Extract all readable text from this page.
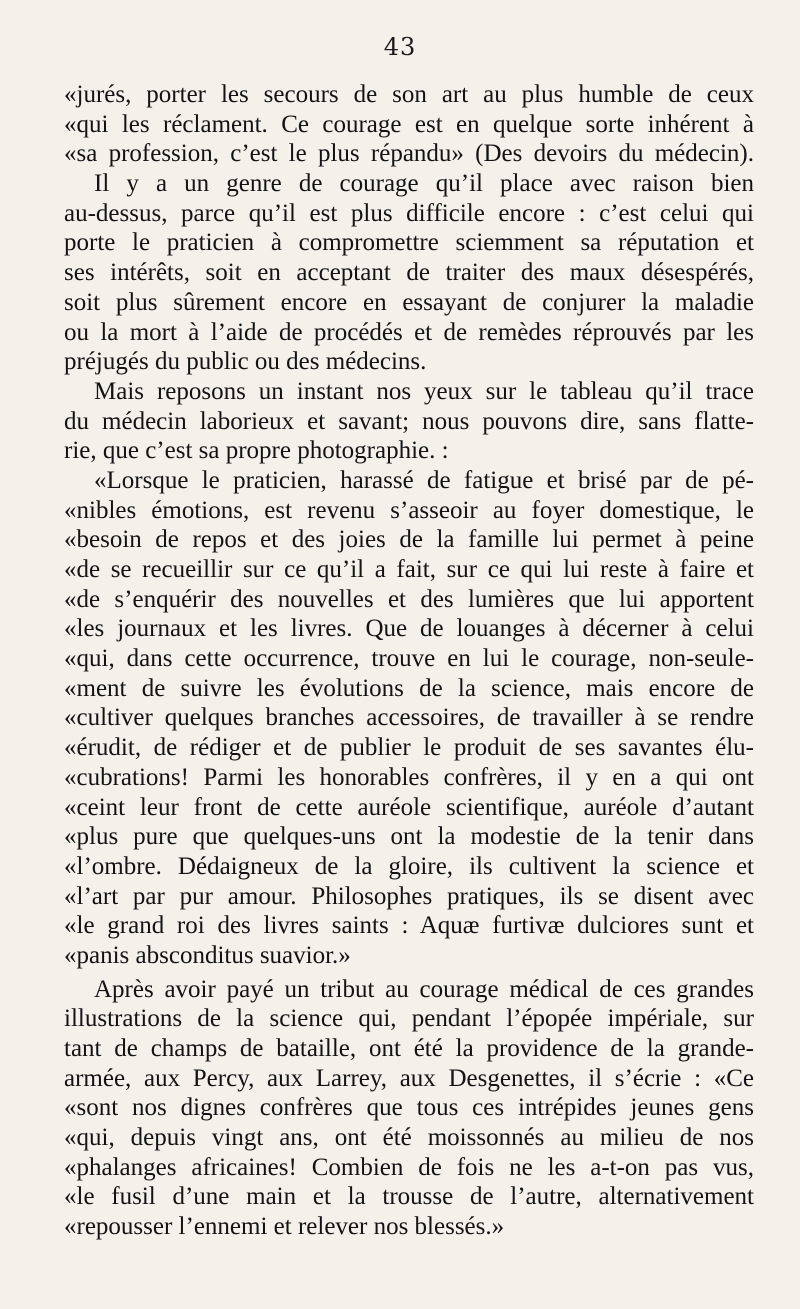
43
«jurés, porter les secours de son art au plus humble de ceux
«qui les réclament. Ce courage est en quelque sorte inhérent à
«sa profession, c’est le plus répandu» (Des devoirs du médecin).
Il y a un genre de courage qu’il place avec raison bien
au-dessus, parce qu’il est plus difficile encore : c’est celui qui
porte le praticien à compromettre sciemment sa réputation et
ses intérêts, soit en acceptant de traiter des maux désespérés,
soit plus sûrement encore en essayant de conjurer la maladie
ou la mort à l’aide de procédés et de remèdes réprouvés par les
préjugés du public ou des médecins.
Mais reposons un instant nos yeux sur le tableau qu’il trace
du médecin laborieux et savant; nous pouvons dire, sans flatte-
rie, que c’est sa propre photographie. :
«Lorsque le praticien, harassé de fatigue et brisé par de pé-
«nibles émotions, est revenu s’asseoir au foyer domestique, le
«besoin de repos et des joies de la famille lui permet à peine
«de se recueillir sur ce qu’il a fait, sur ce qui lui reste à faire et
«de s’enquérir des nouvelles et des lumières que lui apportent
«les journaux et les livres. Que de louanges à décerner à celui
«qui, dans cette occurrence, trouve en lui le courage, non-seule-
«ment de suivre les évolutions de la science, mais encore de
«cultiver quelques branches accessoires, de travailler à se rendre
«érudit, de rédiger et de publier le produit de ses savantes élu-
«cubrations! Parmi les honorables confrères, il y en a qui ont
«ceint leur front de cette auréole scientifique, auréole d’autant
«plus pure que quelques-uns ont la modestie de la tenir dans
«l’ombre. Dédaigneux de la gloire, ils cultivent la science et
«l’art par pur amour. Philosophes pratiques, ils se disent avec
«le grand roi des livres saints : Aquæ furtivæ dulciores sunt et
«panis absconditus suavior.»
Après avoir payé un tribut au courage médical de ces grandes
illustrations de la science qui, pendant l’épopée impériale, sur
tant de champs de bataille, ont été la providence de la grande-
armée, aux Percy, aux Larrey, aux Desgenettes, il s’écrie : «Ce
«sont nos dignes confrères que tous ces intrépides jeunes gens
«qui, depuis vingt ans, ont été moissonnés au milieu de nos
«phalanges africaines! Combien de fois ne les a-t-on pas vus,
«le fusil d’une main et la trousse de l’autre, alternativement
«repousser l’ennemi et relever nos blessés.»
